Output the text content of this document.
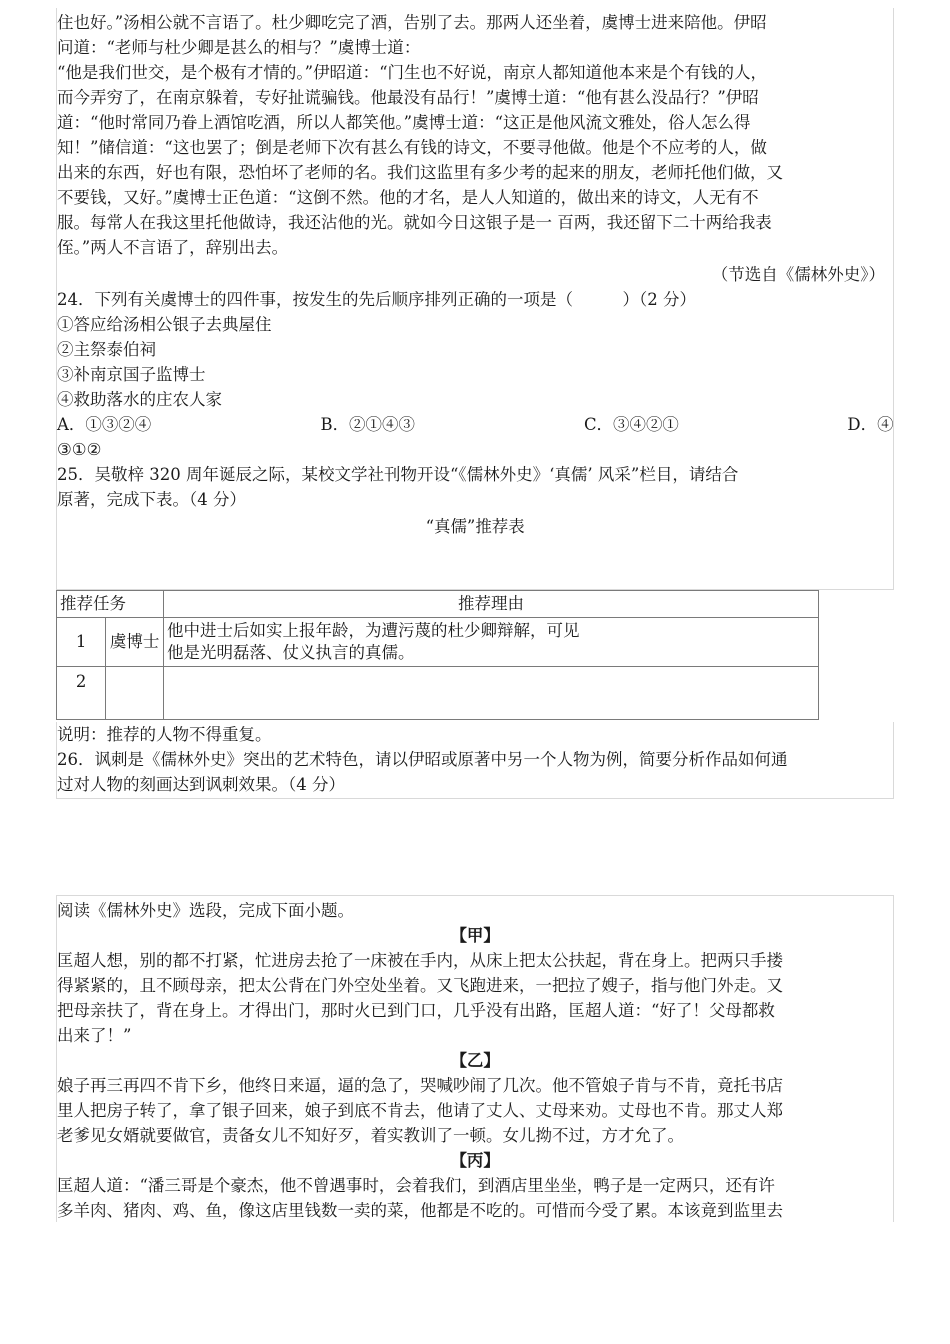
住也好。”汤相公就不言语了。杜少卿吃完了酒，告别了去。那两人还坐着，虞博士进来陪他。伊昭
问道：“老师与杜少卿是甚么的相与？”虞博士道：
“他是我们世交，是个极有才情的。”伊昭道：“门生也不好说，南京人都知道他本来是个有钱的人，
而今弄穷了，在南京躲着，专好扯谎骗钱。他最没有品行！”虞博士道：“他有甚么没品行？”伊昭
道：“他时常同乃眷上酒馆吃酒，所以人都笑他。”虞博士道：“这正是他风流文雅处，俗人怎么得
知！”储信道：“这也罢了；倒是老师下次有甚么有钱的诗文，不要寻他做。他是个不应考的人，做
出来的东西，好也有限，恐怕坏了老师的名。我们这监里有多少考的起来的朋友，老师托他们做，又
不要钱，又好。”虞博士正色道：“这倒不然。他的才名，是人人知道的，做出来的诗文，人无有不
服。每常人在我这里托他做诗，我还沾他的光。就如今日这银子是一 百两，我还留下二十两给我表
侄。”两人不言语了，辞别出去。
（节选自《儒林外史》）
24．下列有关虞博士的四件事，按发生的先后顺序排列正确的一项是（　　　）（2 分）
①答应给汤相公银子去典屋住
②主祭泰伯祠
③补南京国子监博士
④救助落水的庄农人家
A．①③②④	B．②①④③	C．③④②①	D．④
③①②
25．吴敬梓 320 周年诞辰之际，某校文学社刊物开设“《儒林外史》‘真儒’ 风采”栏目，请结合
原著，完成下表。（4 分）
“真儒”推荐表
推荐任务		推荐理由
1	虞博士	他中进士后如实上报年龄，为遭污蔑的杜少卿辩解，可见
他是光明磊落、仗义执言的真儒。

2		
说明：推荐的人物不得重复。
26．讽刺是《儒林外史》突出的艺术特色，请以伊昭或原著中另一个人物为例，简要分析作品如何通
过对人物的刻画达到讽刺效果。（4 分）
阅读《儒林外史》选段，完成下面小题。
【甲】
匡超人想，别的都不打紧，忙进房去抢了一床被在手内，从床上把太公扶起，背在身上。把两只手搂
得紧紧的，且不顾母亲，把太公背在门外空处坐着。又飞跑进来，一把拉了嫂子，指与他门外走。又
把母亲扶了，背在身上。才得出门，那时火已到门口，几乎没有出路，匡超人道：“好了！父母都救
出来了！”
【乙】
娘子再三再四不肯下乡，他终日来逼，逼的急了，哭喊吵闹了几次。他不管娘子肯与不肯，竟托书店
里人把房子转了，拿了银子回来，娘子到底不肯去，他请了丈人、丈母来劝。丈母也不肯。那丈人郑
老爹见女婿就要做官，责备女儿不知好歹，着实教训了一顿。女儿拗不过，方才允了。
【丙】
匡超人道：“潘三哥是个豪杰，他不曾遇事时，会着我们，到酒店里坐坐，鸭子是一定两只，还有许
多羊肉、猪肉、鸡、鱼，像这店里钱数一卖的菜，他都是不吃的。可惜而今受了累。本该竟到监里去
